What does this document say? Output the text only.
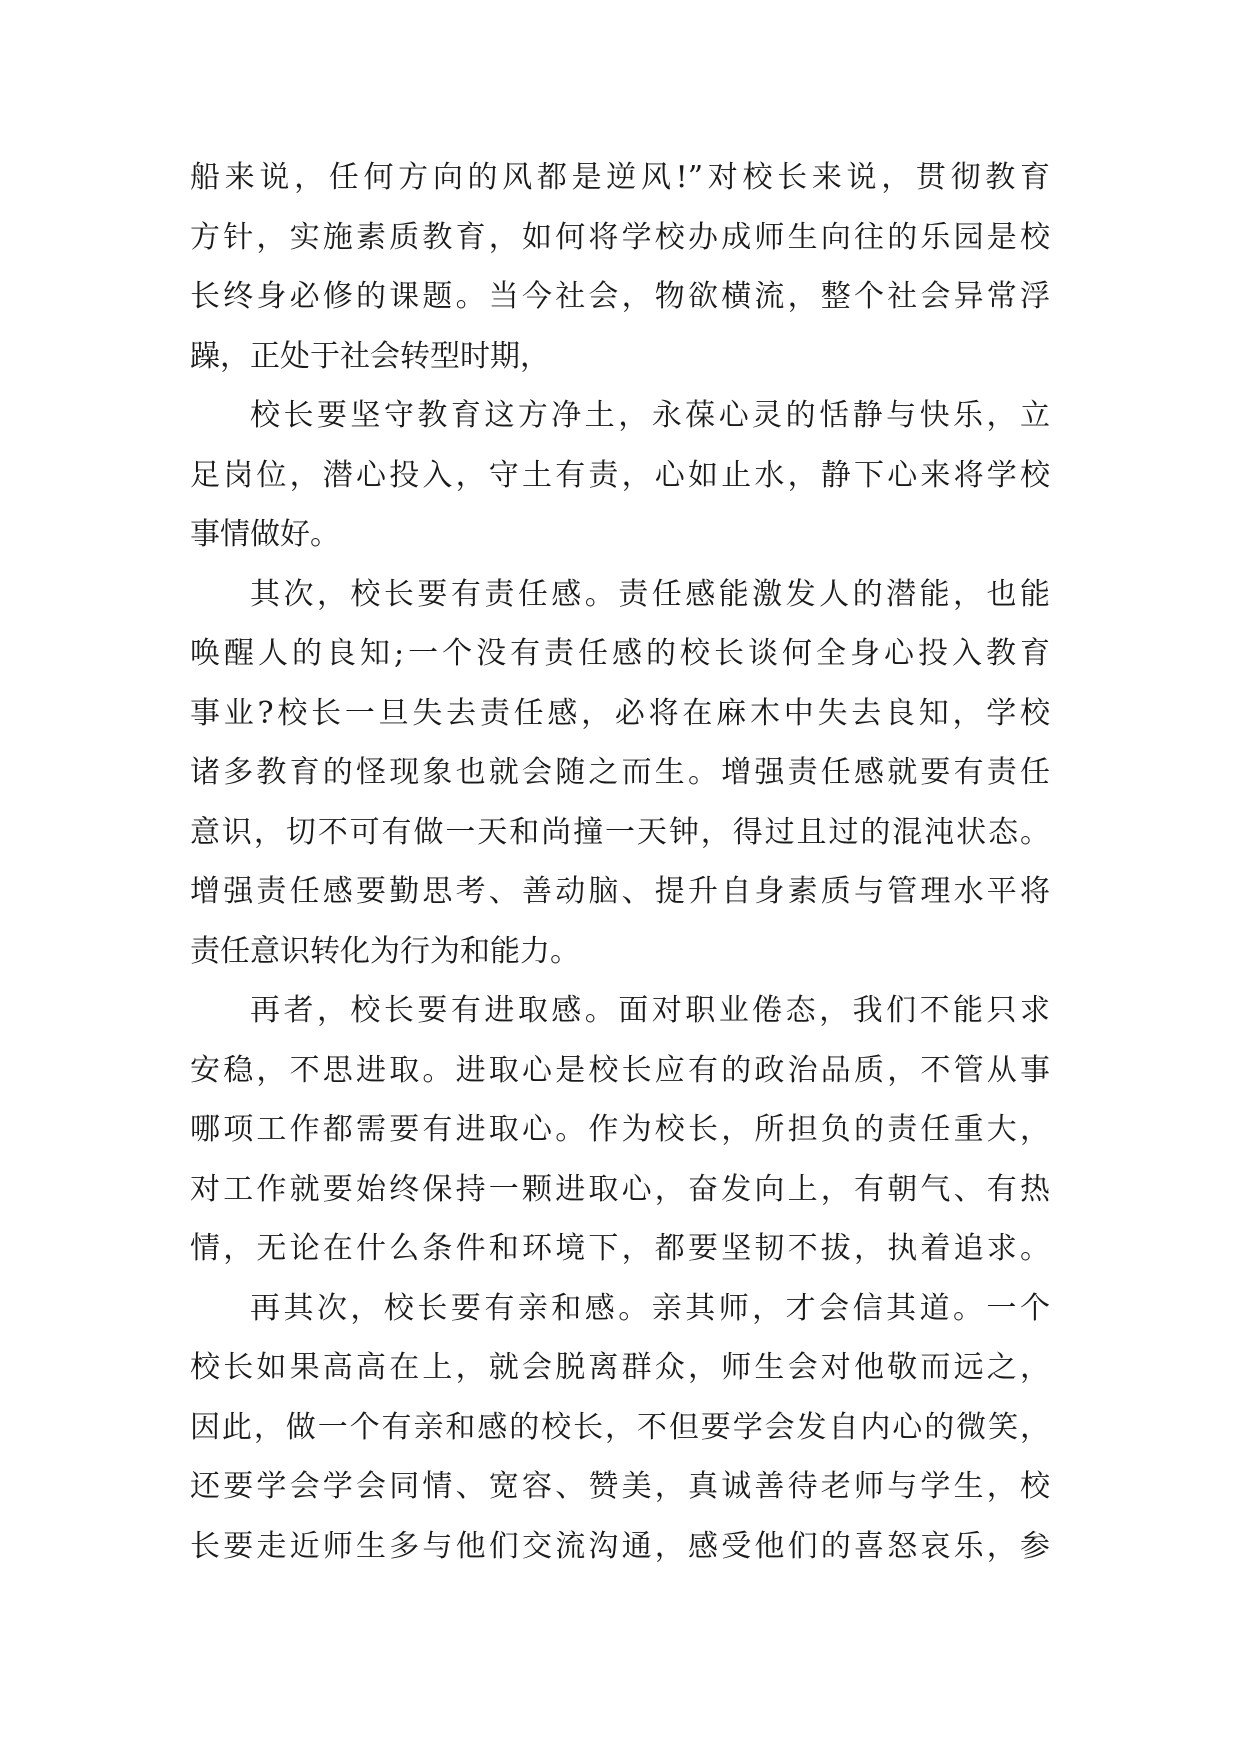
船来说，任何方向的风都是逆风!”对校长来说，贯彻教育
方针，实施素质教育，如何将学校办成师生向往的乐园是校
长终身必修的课题。当今社会，物欲横流，整个社会异常浮
躁，正处于社会转型时期，
校长要坚守教育这方净土，永葆心灵的恬静与快乐，立
足岗位，潜心投入，守土有责，心如止水，静下心来将学校
事情做好。
其次，校长要有责任感。责任感能激发人的潜能，也能
唤醒人的良知;一个没有责任感的校长谈何全身心投入教育
事业?校长一旦失去责任感，必将在麻木中失去良知，学校
诸多教育的怪现象也就会随之而生。增强责任感就要有责任
意识，切不可有做一天和尚撞一天钟，得过且过的混沌状态。
增强责任感要勤思考、善动脑、提升自身素质与管理水平将
责任意识转化为行为和能力。
再者，校长要有进取感。面对职业倦态，我们不能只求
安稳，不思进取。进取心是校长应有的政治品质，不管从事
哪项工作都需要有进取心。作为校长，所担负的责任重大，
对工作就要始终保持一颗进取心，奋发向上，有朝气、有热
情，无论在什么条件和环境下，都要坚韧不拔，执着追求。
再其次，校长要有亲和感。亲其师，才会信其道。一个
校长如果高高在上，就会脱离群众，师生会对他敬而远之，
因此，做一个有亲和感的校长，不但要学会发自内心的微笑，
还要学会学会同情、宽容、赞美，真诚善待老师与学生，校
长要走近师生多与他们交流沟通，感受他们的喜怒哀乐，参
